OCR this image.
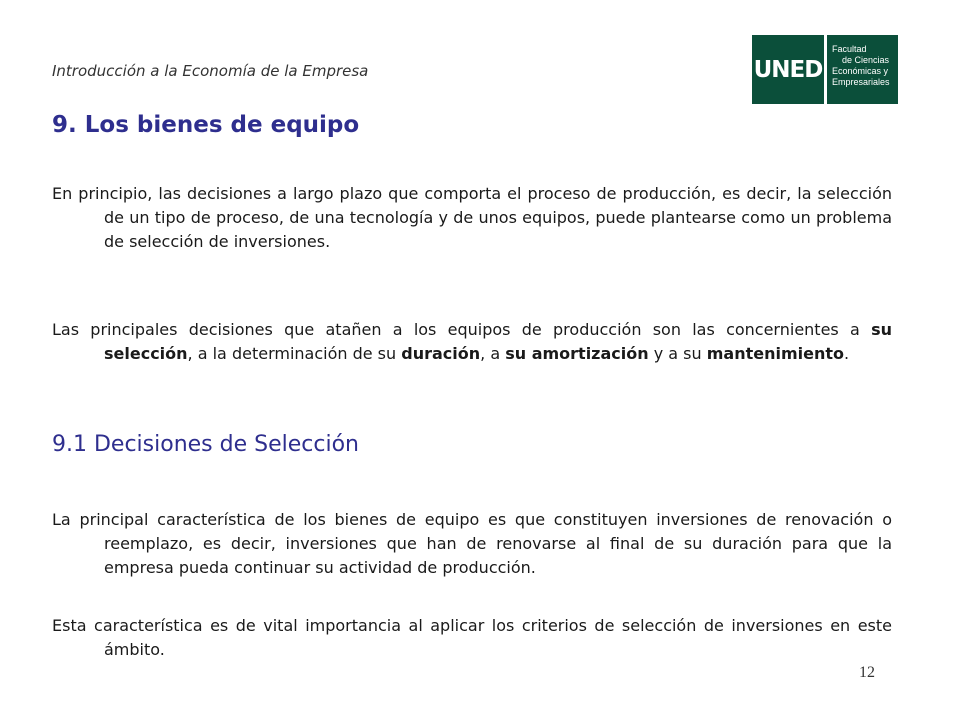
Introducción a la Economía de la Empresa	UNED
Facultad
de Ciencias
Económicas y
Empresariales
9. Los bienes de equipo

En principio, las decisiones a largo plazo que comporta el proceso de producción, es decir, la selección de un tipo de proceso, de una tecnología y de unos equipos, puede plantearse como un problema de selección de inversiones.

Las principales decisiones que atañen a los equipos de producción son las concernientes a su selección, a la determinación de su duración, a su amortización y a su mantenimiento.

9.1 Decisiones de Selección

La principal característica de los bienes de equipo es que constituyen inversiones de renovación o reemplazo, es decir, inversiones que han de renovarse al final de su duración para que la empresa pueda continuar su actividad de producción.

Esta característica es de vital importancia al aplicar los criterios de selección de inversiones en este ámbito.

12
